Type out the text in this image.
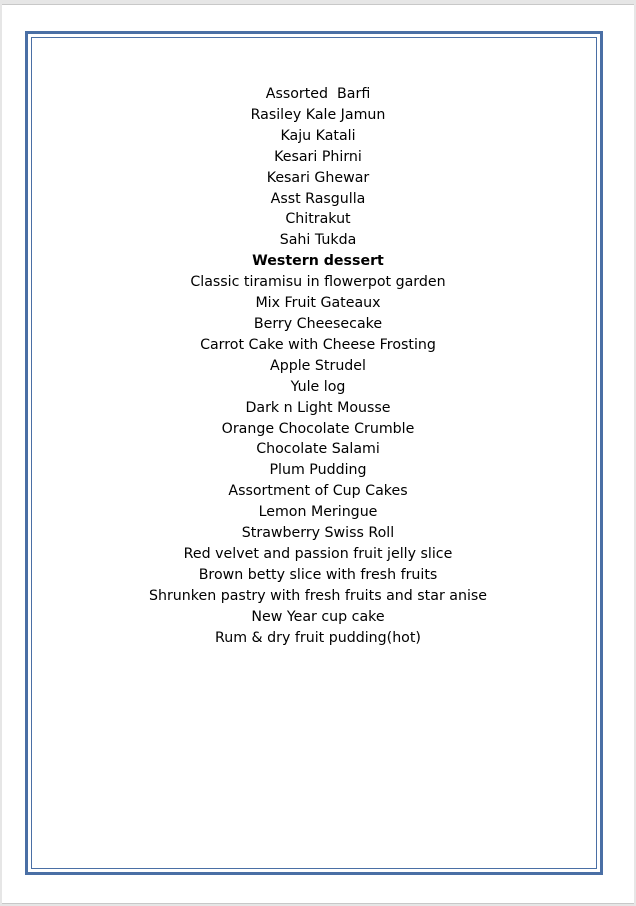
Assorted  Barfi
Rasiley Kale Jamun
Kaju Katali
Kesari Phirni
Kesari Ghewar
Asst Rasgulla
Chitrakut
Sahi Tukda
Western dessert
Classic tiramisu in flowerpot garden
Mix Fruit Gateaux
Berry Cheesecake
Carrot Cake with Cheese Frosting
Apple Strudel
Yule log
Dark n Light Mousse
Orange Chocolate Crumble
Chocolate Salami
Plum Pudding
Assortment of Cup Cakes
Lemon Meringue
Strawberry Swiss Roll
Red velvet and passion fruit jelly slice
Brown betty slice with fresh fruits
Shrunken pastry with fresh fruits and star anise
New Year cup cake
Rum & dry fruit pudding(hot)
